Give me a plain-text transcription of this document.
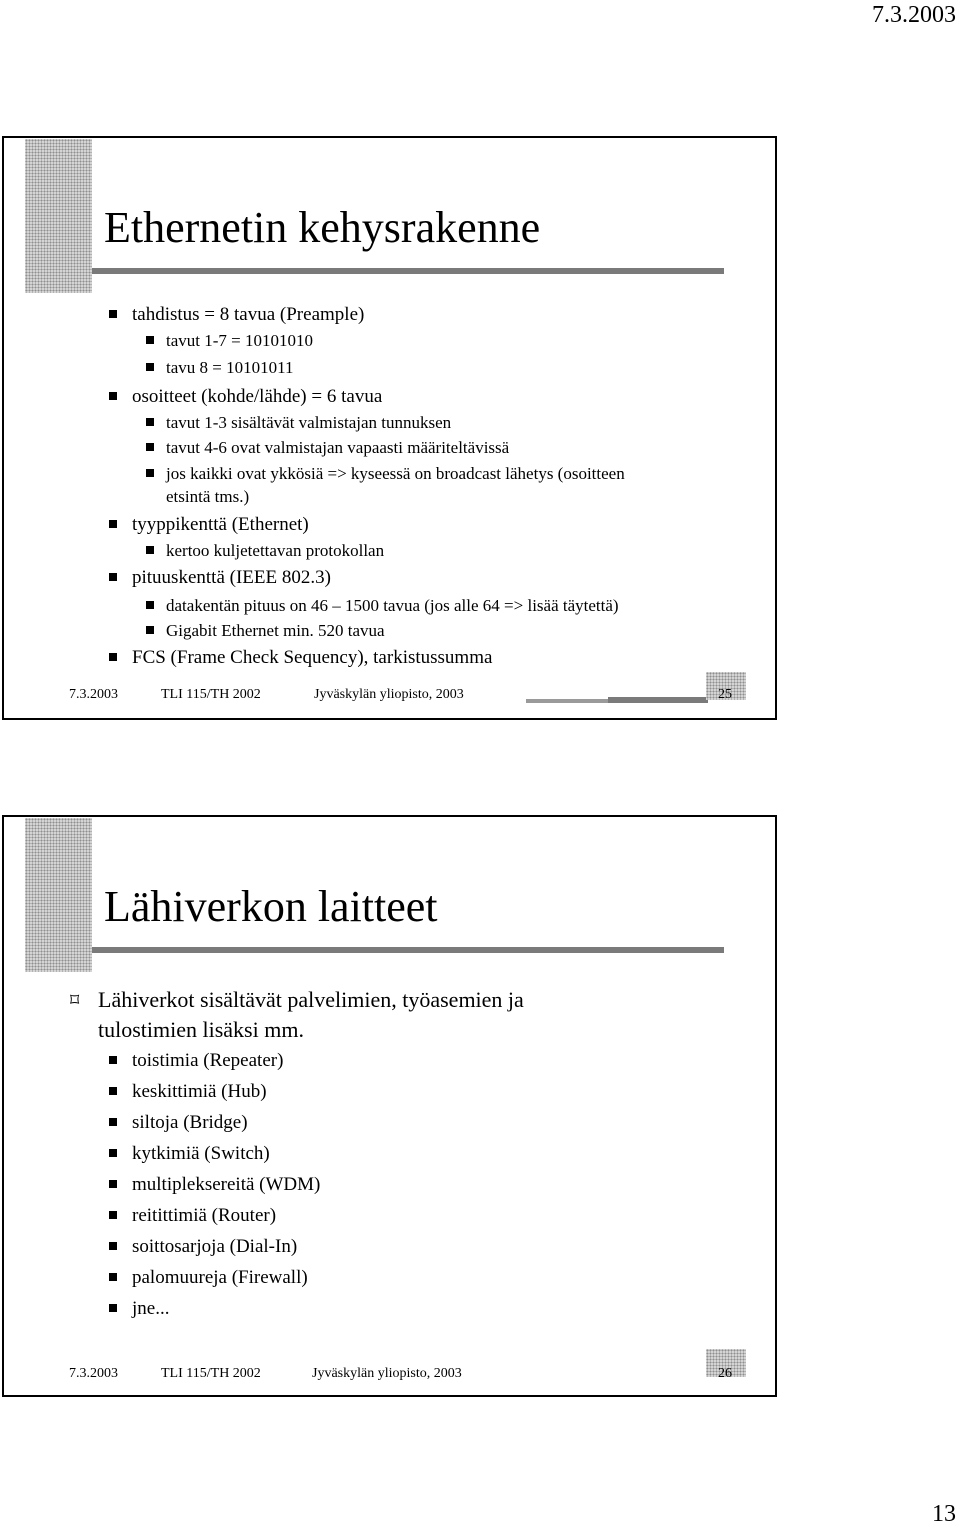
7.3.2003
Ethernetin kehysrakenne
tahdistus = 8 tavua (Preample)
tavut 1-7 = 10101010
tavu 8 = 10101011
osoitteet (kohde/lähde) = 6 tavua
tavut 1-3 sisältävät valmistajan tunnuksen
tavut 4-6 ovat valmistajan vapaasti määriteltävissä
jos kaikki ovat ykkösiä => kyseessä on broadcast lähetys (osoitteen
etsintä tms.)
tyyppikenttä (Ethernet)
kertoo kuljetettavan protokollan
pituuskenttä (IEEE 802.3)
datakentän pituus on 46 – 1500 tavua (jos alle 64 => lisää täytettä)
Gigabit Ethernet min. 520 tavua
FCS (Frame Check Sequency), tarkistussumma
7.3.2003	TLI 115/TH 2002	Jyväskylän yliopisto, 2003	25
Lähiverkon laitteet
⌑ Lähiverkot sisältävät palvelimien, työasemien ja
tulostimien lisäksi mm.
toistimia (Repeater)
keskittimiä (Hub)
siltoja (Bridge)
kytkimiä (Switch)
multipleksereitä (WDM)
reitittimiä (Router)
soittosarjoja (Dial-In)
palomuureja (Firewall)
jne...
7.3.2003	TLI 115/TH 2002	Jyväskylän yliopisto, 2003	26
13
